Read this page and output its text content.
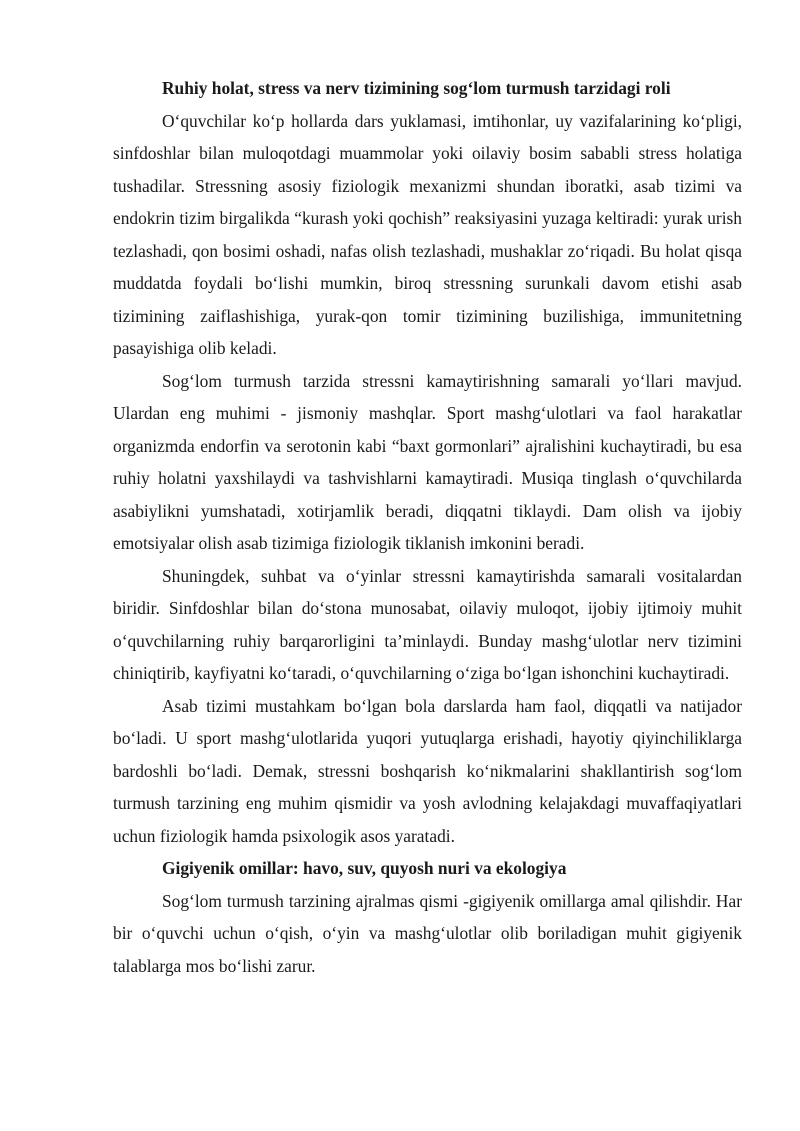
Ruhiy holat, stress va nerv tizimining sog‘lom turmush tarzidagi roli

O‘quvchilar ko‘p hollarda dars yuklamasi, imtihonlar, uy vazifalarining ko‘pligi, sinfdoshlar bilan muloqotdagi muammolar yoki oilaviy bosim sababli stress holatiga tushadilar. Stressning asosiy fiziologik mexanizmi shundan iboratki, asab tizimi va endokrin tizim birgalikda “kurash yoki qochish” reaksiyasini yuzaga keltiradi: yurak urish tezlashadi, qon bosimi oshadi, nafas olish tezlashadi, mushaklar zo‘riqadi. Bu holat qisqa muddatda foydali bo‘lishi mumkin, biroq stressning surunkali davom etishi asab tizimining zaiflashishiga, yurak-qon tomir tizimining buzilishiga, immunitetning pasayishiga olib keladi.

Sog‘lom turmush tarzida stressni kamaytirishning samarali yo‘llari mavjud. Ulardan eng muhimi - jismoniy mashqlar. Sport mashg‘ulotlari va faol harakatlar organizmda endorfin va serotonin kabi “baxt gormonlari” ajralishini kuchaytiradi, bu esa ruhiy holatni yaxshilaydi va tashvishlarni kamaytiradi. Musiqa tinglash o‘quvchilarda asabiylikni yumshatadi, xotirjamlik beradi, diqqatni tiklaydi. Dam olish va ijobiy emotsiyalar olish asab tizimiga fiziologik tiklanish imkonini beradi.

Shuningdek, suhbat va o‘yinlar stressni kamaytirishda samarali vositalardan biridir. Sinfdoshlar bilan do‘stona munosabat, oilaviy muloqot, ijobiy ijtimoiy muhit o‘quvchilarning ruhiy barqarorligini ta’minlaydi. Bunday mashg‘ulotlar nerv tizimini chiniqtirib, kayfiyatni ko‘taradi, o‘quvchilarning o‘ziga bo‘lgan ishonchini kuchaytiradi.

Asab tizimi mustahkam bo‘lgan bola darslarda ham faol, diqqatli va natijador bo‘ladi. U sport mashg‘ulotlarida yuqori yutuqlarga erishadi, hayotiy qiyinchiliklarga bardoshli bo‘ladi. Demak, stressni boshqarish ko‘nikmalarini shakllantirish sog‘lom turmush tarzining eng muhim qismidir va yosh avlodning kelajakdagi muvaffaqiyatlari uchun fiziologik hamda psixologik asos yaratadi.

Gigiyenik omillar: havo, suv, quyosh nuri va ekologiya

Sog‘lom turmush tarzining ajralmas qismi -gigiyenik omillarga amal qilishdir. Har bir o‘quvchi uchun o‘qish, o‘yin va mashg‘ulotlar olib boriladigan muhit gigiyenik talablarga mos bo‘lishi zarur.
